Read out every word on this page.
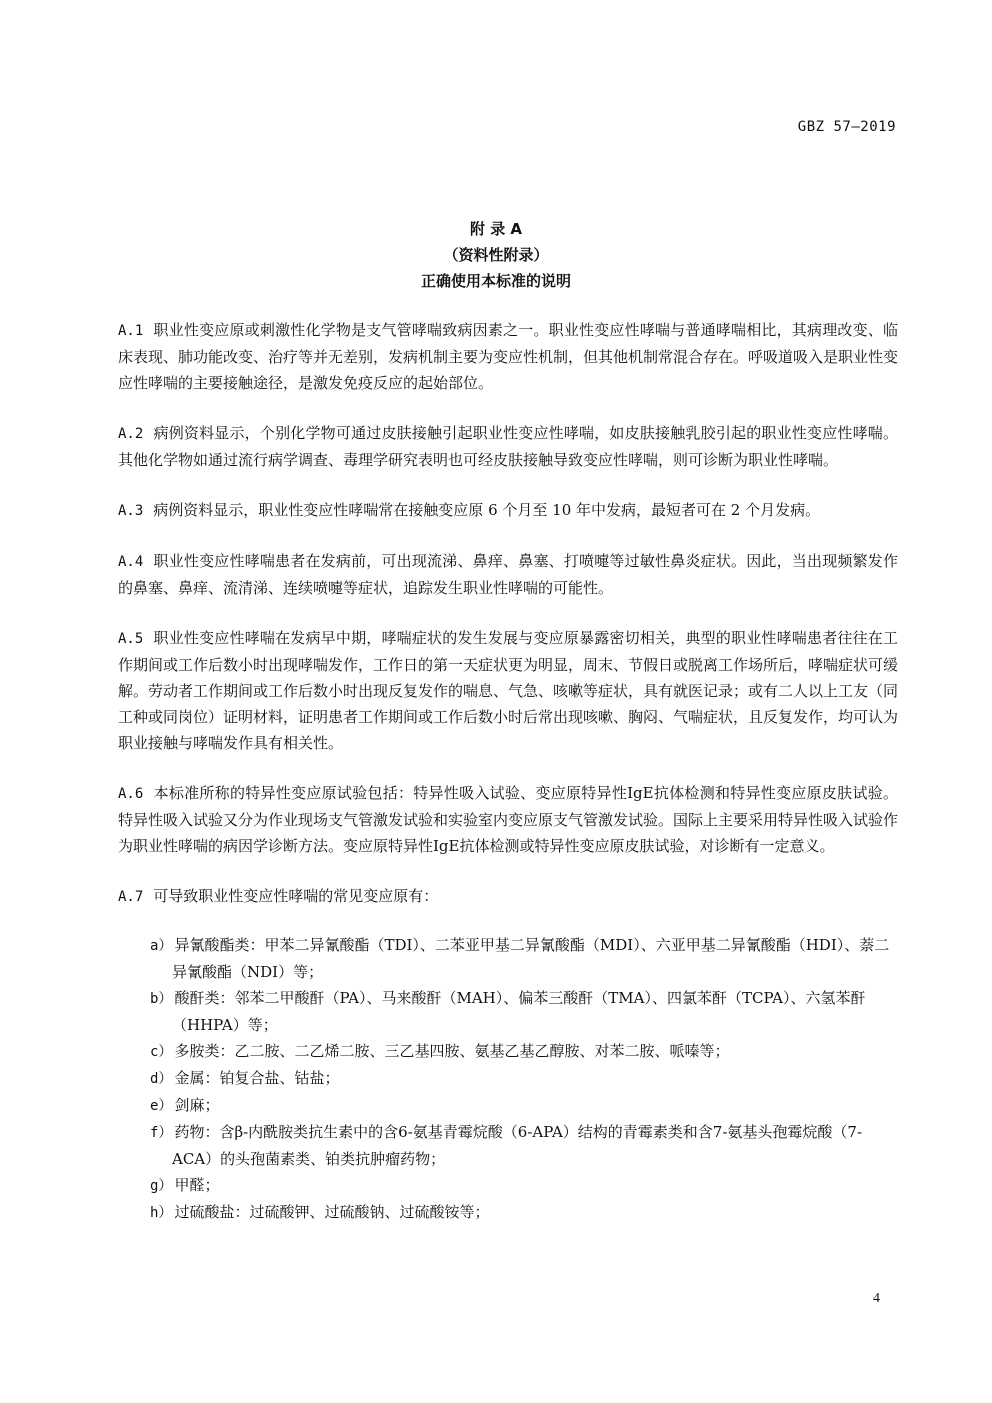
GBZ 57—2019
附 录 A
（资料性附录）
正确使用本标准的说明

A.1 职业性变应原或刺激性化学物是支气管哮喘致病因素之一。职业性变应性哮喘与普通哮喘相比，其病理改变、临床表现、肺功能改变、治疗等并无差别，发病机制主要为变应性机制，但其他机制常混合存在。呼吸道吸入是职业性变应性哮喘的主要接触途径，是激发免疫反应的起始部位。

A.2 病例资料显示，个别化学物可通过皮肤接触引起职业性变应性哮喘，如皮肤接触乳胶引起的职业性变应性哮喘。其他化学物如通过流行病学调查、毒理学研究表明也可经皮肤接触导致变应性哮喘，则可诊断为职业性哮喘。

A.3 病例资料显示，职业性变应性哮喘常在接触变应原 6 个月至 10 年中发病，最短者可在 2 个月发病。

A.4 职业性变应性哮喘患者在发病前，可出现流涕、鼻痒、鼻塞、打喷嚏等过敏性鼻炎症状。因此，当出现频繁发作的鼻塞、鼻痒、流清涕、连续喷嚏等症状，追踪发生职业性哮喘的可能性。

A.5 职业性变应性哮喘在发病早中期，哮喘症状的发生发展与变应原暴露密切相关，典型的职业性哮喘患者往往在工作期间或工作后数小时出现哮喘发作，工作日的第一天症状更为明显，周末、节假日或脱离工作场所后，哮喘症状可缓解。劳动者工作期间或工作后数小时出现反复发作的喘息、气急、咳嗽等症状，具有就医记录；或有二人以上工友（同工种或同岗位）证明材料，证明患者工作期间或工作后数小时后常出现咳嗽、胸闷、气喘症状，且反复发作，均可认为职业接触与哮喘发作具有相关性。

A.6 本标准所称的特异性变应原试验包括：特异性吸入试验、变应原特异性IgE抗体检测和特异性变应原皮肤试验。特异性吸入试验又分为作业现场支气管激发试验和实验室内变应原支气管激发试验。国际上主要采用特异性吸入试验作为职业性哮喘的病因学诊断方法。变应原特异性IgE抗体检测或特异性变应原皮肤试验，对诊断有一定意义。

A.7 可导致职业性变应性哮喘的常见变应原有：

a） 异氰酸酯类：甲苯二异氰酸酯（TDI）、二苯亚甲基二异氰酸酯（MDI）、六亚甲基二异氰酸酯（HDI）、萘二异氰酸酯（NDI）等；
b） 酸酐类：邻苯二甲酸酐（PA）、马来酸酐（MAH）、偏苯三酸酐（TMA）、四氯苯酐（TCPA）、六氢苯酐（HHPA）等；
c） 多胺类：乙二胺、二乙烯二胺、三乙基四胺、氨基乙基乙醇胺、对苯二胺、哌嗪等；
d） 金属：铂复合盐、钴盐；
e） 剑麻；
f） 药物：含β-内酰胺类抗生素中的含6-氨基青霉烷酸（6-APA）结构的青霉素类和含7-氨基头孢霉烷酸（7-ACA）的头孢菌素类、铂类抗肿瘤药物；
g） 甲醛；
h） 过硫酸盐：过硫酸钾、过硫酸钠、过硫酸铵等；
4
